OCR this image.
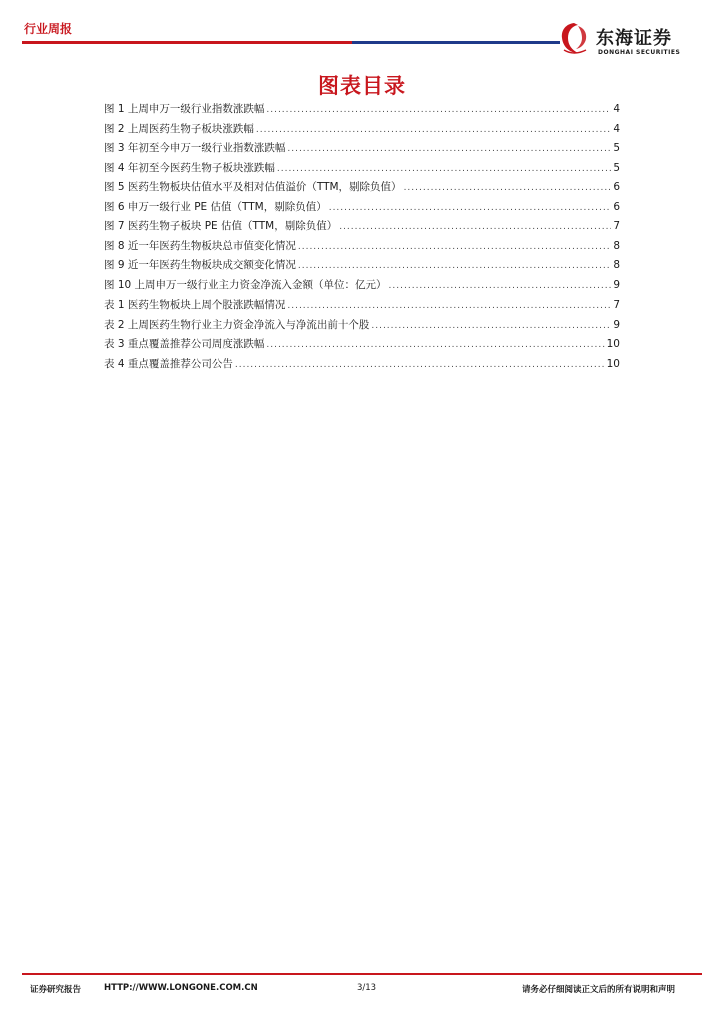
行业周报	东海证券
DONGHAI SECURITIES
图表目录
图 1 上周申万一级行业指数涨跌幅 .....	4
图 2 上周医药生物子板块涨跌幅 .....	4
图 3 年初至今申万一级行业指数涨跌幅 .....	5
图 4 年初至今医药生物子板块涨跌幅 .....	5
图 5 医药生物板块估值水平及相对估值溢价（TTM，剔除负值） .....	6
图 6 申万一级行业 PE 估值（TTM，剔除负值） .....	6
图 7 医药生物子板块 PE 估值（TTM，剔除负值） .....	7
图 8 近一年医药生物板块总市值变化情况 .....	8
图 9 近一年医药生物板块成交额变化情况 .....	8
图 10 上周申万一级行业主力资金净流入金额（单位：亿元） .....	9
表 1 医药生物板块上周个股涨跌幅情况 .....	7
表 2 上周医药生物行业主力资金净流入与净流出前十个股 .....	9
表 3 重点覆盖推荐公司周度涨跌幅 .....	10
表 4 重点覆盖推荐公司公告 .....	10
证券研究报告	HTTP://WWW.LONGONE.COM.CN	3/13	请务必仔细阅读正文后的所有说明和声明
